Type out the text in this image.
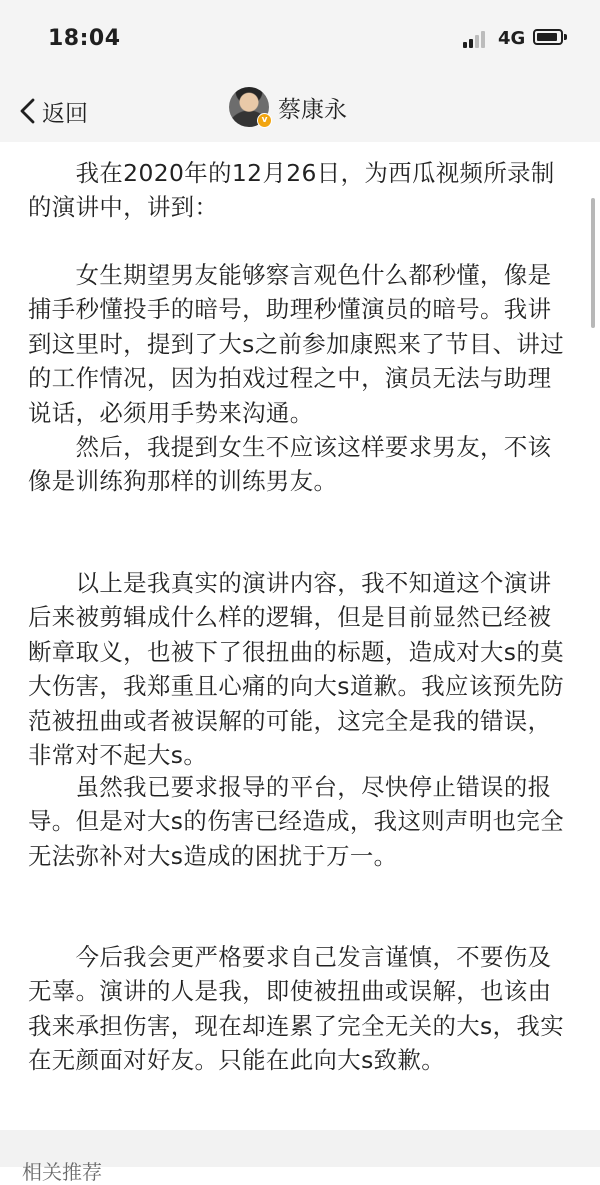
18:04	4G
返回	v 蔡康永

  我在2020年的12月26日，为西瓜视频所录制的演讲中，讲到：

  女生期望男友能够察言观色什么都秒懂，像是捕手秒懂投手的暗号，助理秒懂演员的暗号。我讲到这里时，提到了大s之前参加康熙来了节目、讲过的工作情况，因为拍戏过程之中，演员无法与助理说话，必须用手势来沟通。

  然后，我提到女生不应该这样要求男友，不该像是训练狗那样的训练男友。

  以上是我真实的演讲内容，我不知道这个演讲后来被剪辑成什么样的逻辑，但是目前显然已经被断章取义，也被下了很扭曲的标题，造成对大s的莫大伤害，我郑重且心痛的向大s道歉。我应该预先防范被扭曲或者被误解的可能，这完全是我的错误，非常对不起大s。

  虽然我已要求报导的平台，尽快停止错误的报导。但是对大s的伤害已经造成，我这则声明也完全无法弥补对大s造成的困扰于万一。

  今后我会更严格要求自己发言谨慎，不要伤及无辜。演讲的人是我，即使被扭曲或误解，也该由我来承担伤害，现在却连累了完全无关的大s，我实在无颜面对好友。只能在此向大s致歉。

相关推荐
